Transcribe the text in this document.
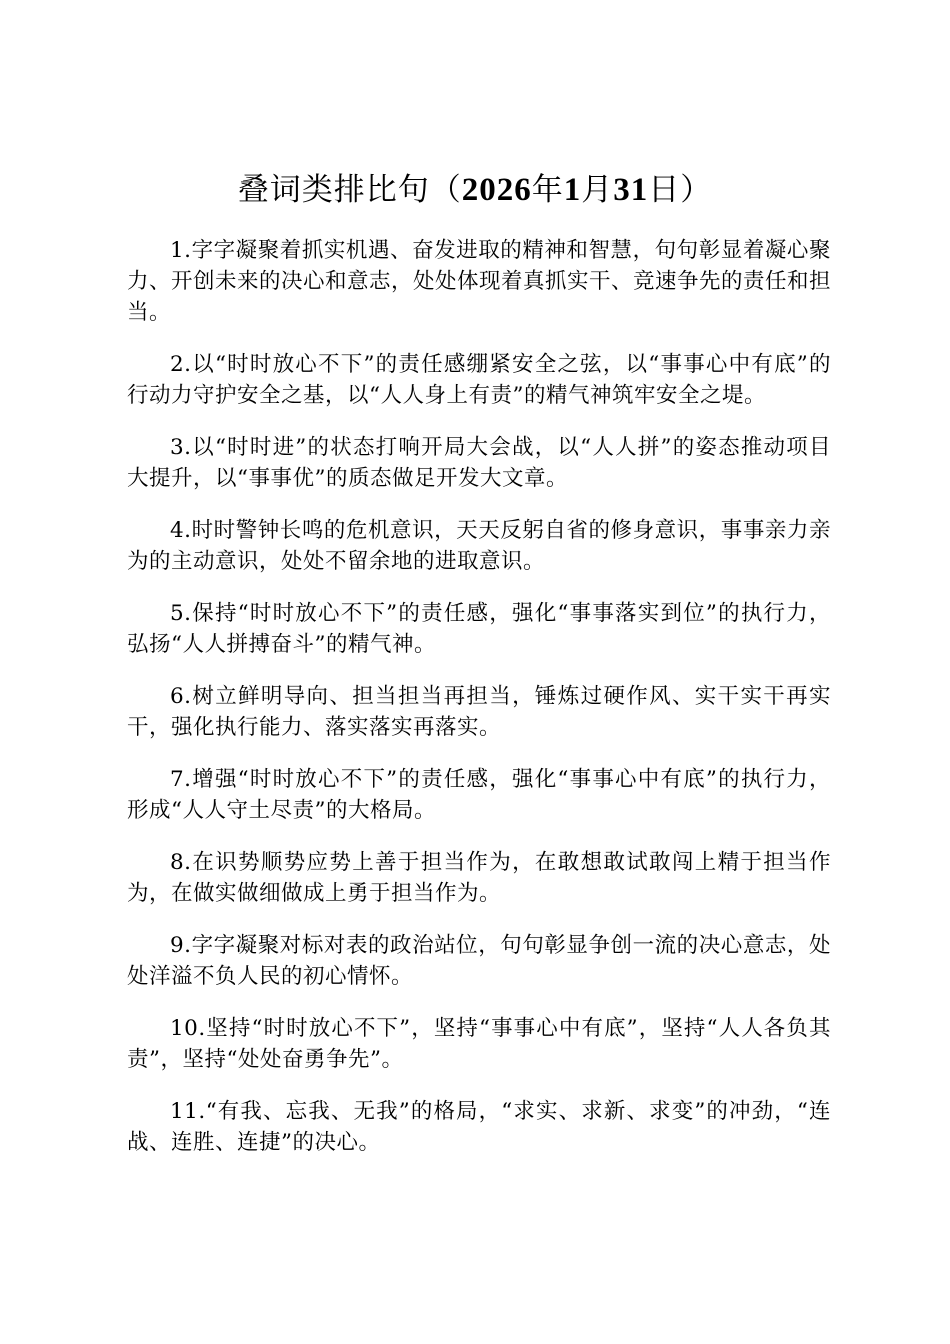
叠词类排比句（2026年1月31日）

1.字字凝聚着抓实机遇、奋发进取的精神和智慧，句句彰显着凝心聚力、开创未来的决心和意志，处处体现着真抓实干、竞速争先的责任和担当。

2.以“时时放心不下”的责任感绷紧安全之弦，以“事事心中有底”的行动力守护安全之基，以“人人身上有责”的精气神筑牢安全之堤。

3.以“时时进”的状态打响开局大会战，以“人人拼”的姿态推动项目大提升，以“事事优”的质态做足开发大文章。

4.时时警钟长鸣的危机意识，天天反躬自省的修身意识，事事亲力亲为的主动意识，处处不留余地的进取意识。

5.保持“时时放心不下”的责任感，强化“事事落实到位”的执行力，弘扬“人人拼搏奋斗”的精气神。

6.树立鲜明导向、担当担当再担当，锤炼过硬作风、实干实干再实干，强化执行能力、落实落实再落实。

7.增强“时时放心不下”的责任感，强化“事事心中有底”的执行力，形成“人人守土尽责”的大格局。

8.在识势顺势应势上善于担当作为，在敢想敢试敢闯上精于担当作为，在做实做细做成上勇于担当作为。

9.字字凝聚对标对表的政治站位，句句彰显争创一流的决心意志，处处洋溢不负人民的初心情怀。

10.坚持“时时放心不下”，坚持“事事心中有底”，坚持“人人各负其责”，坚持“处处奋勇争先”。

11.“有我、忘我、无我”的格局，“求实、求新、求变”的冲劲，“连战、连胜、连捷”的决心。
